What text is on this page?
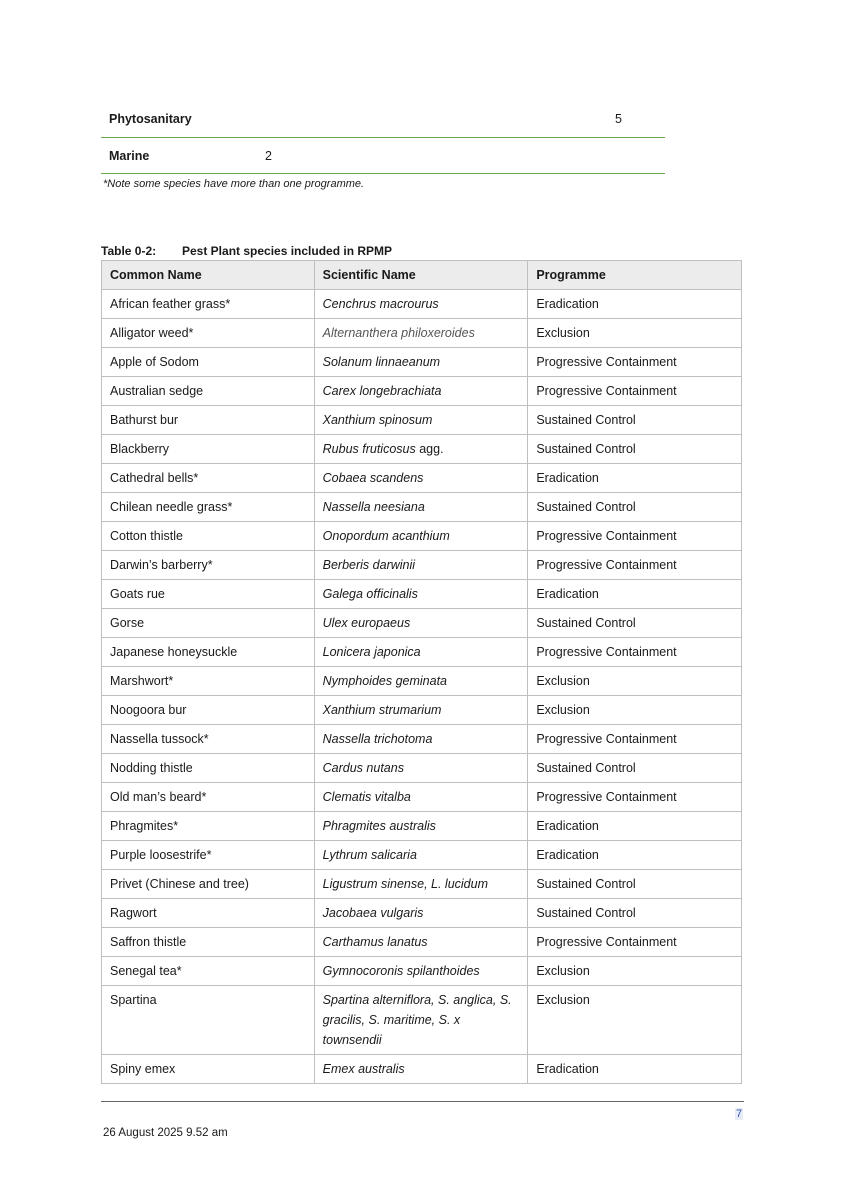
Phytosanitary	5
Marine	2
*Note some species have more than one programme.
Table 0-2: Pest Plant species included in RPMP
Common Name	Scientific Name	Programme
African feather grass*	Cenchrus macrourus	Eradication
Alligator weed*	Alternanthera philoxeroides	Exclusion
Apple of Sodom	Solanum linnaeanum	Progressive Containment
Australian sedge	Carex longebrachiata	Progressive Containment
Bathurst bur	Xanthium spinosum	Sustained Control
Blackberry	Rubus fruticosus agg.	Sustained Control
Cathedral bells*	Cobaea scandens	Eradication
Chilean needle grass*	Nassella neesiana	Sustained Control
Cotton thistle	Onopordum acanthium	Progressive Containment
Darwin’s barberry*	Berberis darwinii	Progressive Containment
Goats rue	Galega officinalis	Eradication
Gorse	Ulex europaeus	Sustained Control
Japanese honeysuckle	Lonicera japonica	Progressive Containment
Marshwort*	Nymphoides geminata	Exclusion
Noogoora bur	Xanthium strumarium	Exclusion
Nassella tussock*	Nassella trichotoma	Progressive Containment
Nodding thistle	Cardus nutans	Sustained Control
Old man’s beard*	Clematis vitalba	Progressive Containment
Phragmites*	Phragmites australis	Eradication
Purple loosestrife*	Lythrum salicaria	Eradication
Privet (Chinese and tree)	Ligustrum sinense, L. lucidum	Sustained Control
Ragwort	Jacobaea vulgaris	Sustained Control
Saffron thistle	Carthamus lanatus	Progressive Containment
Senegal tea*	Gymnocoronis spilanthoides	Exclusion
Spartina	Spartina alterniflora, S. anglica, S. gracilis, S. maritime, S. x townsendii	Exclusion
Spiny emex	Emex australis	Eradication
7
26 August 2025 9.52 am
